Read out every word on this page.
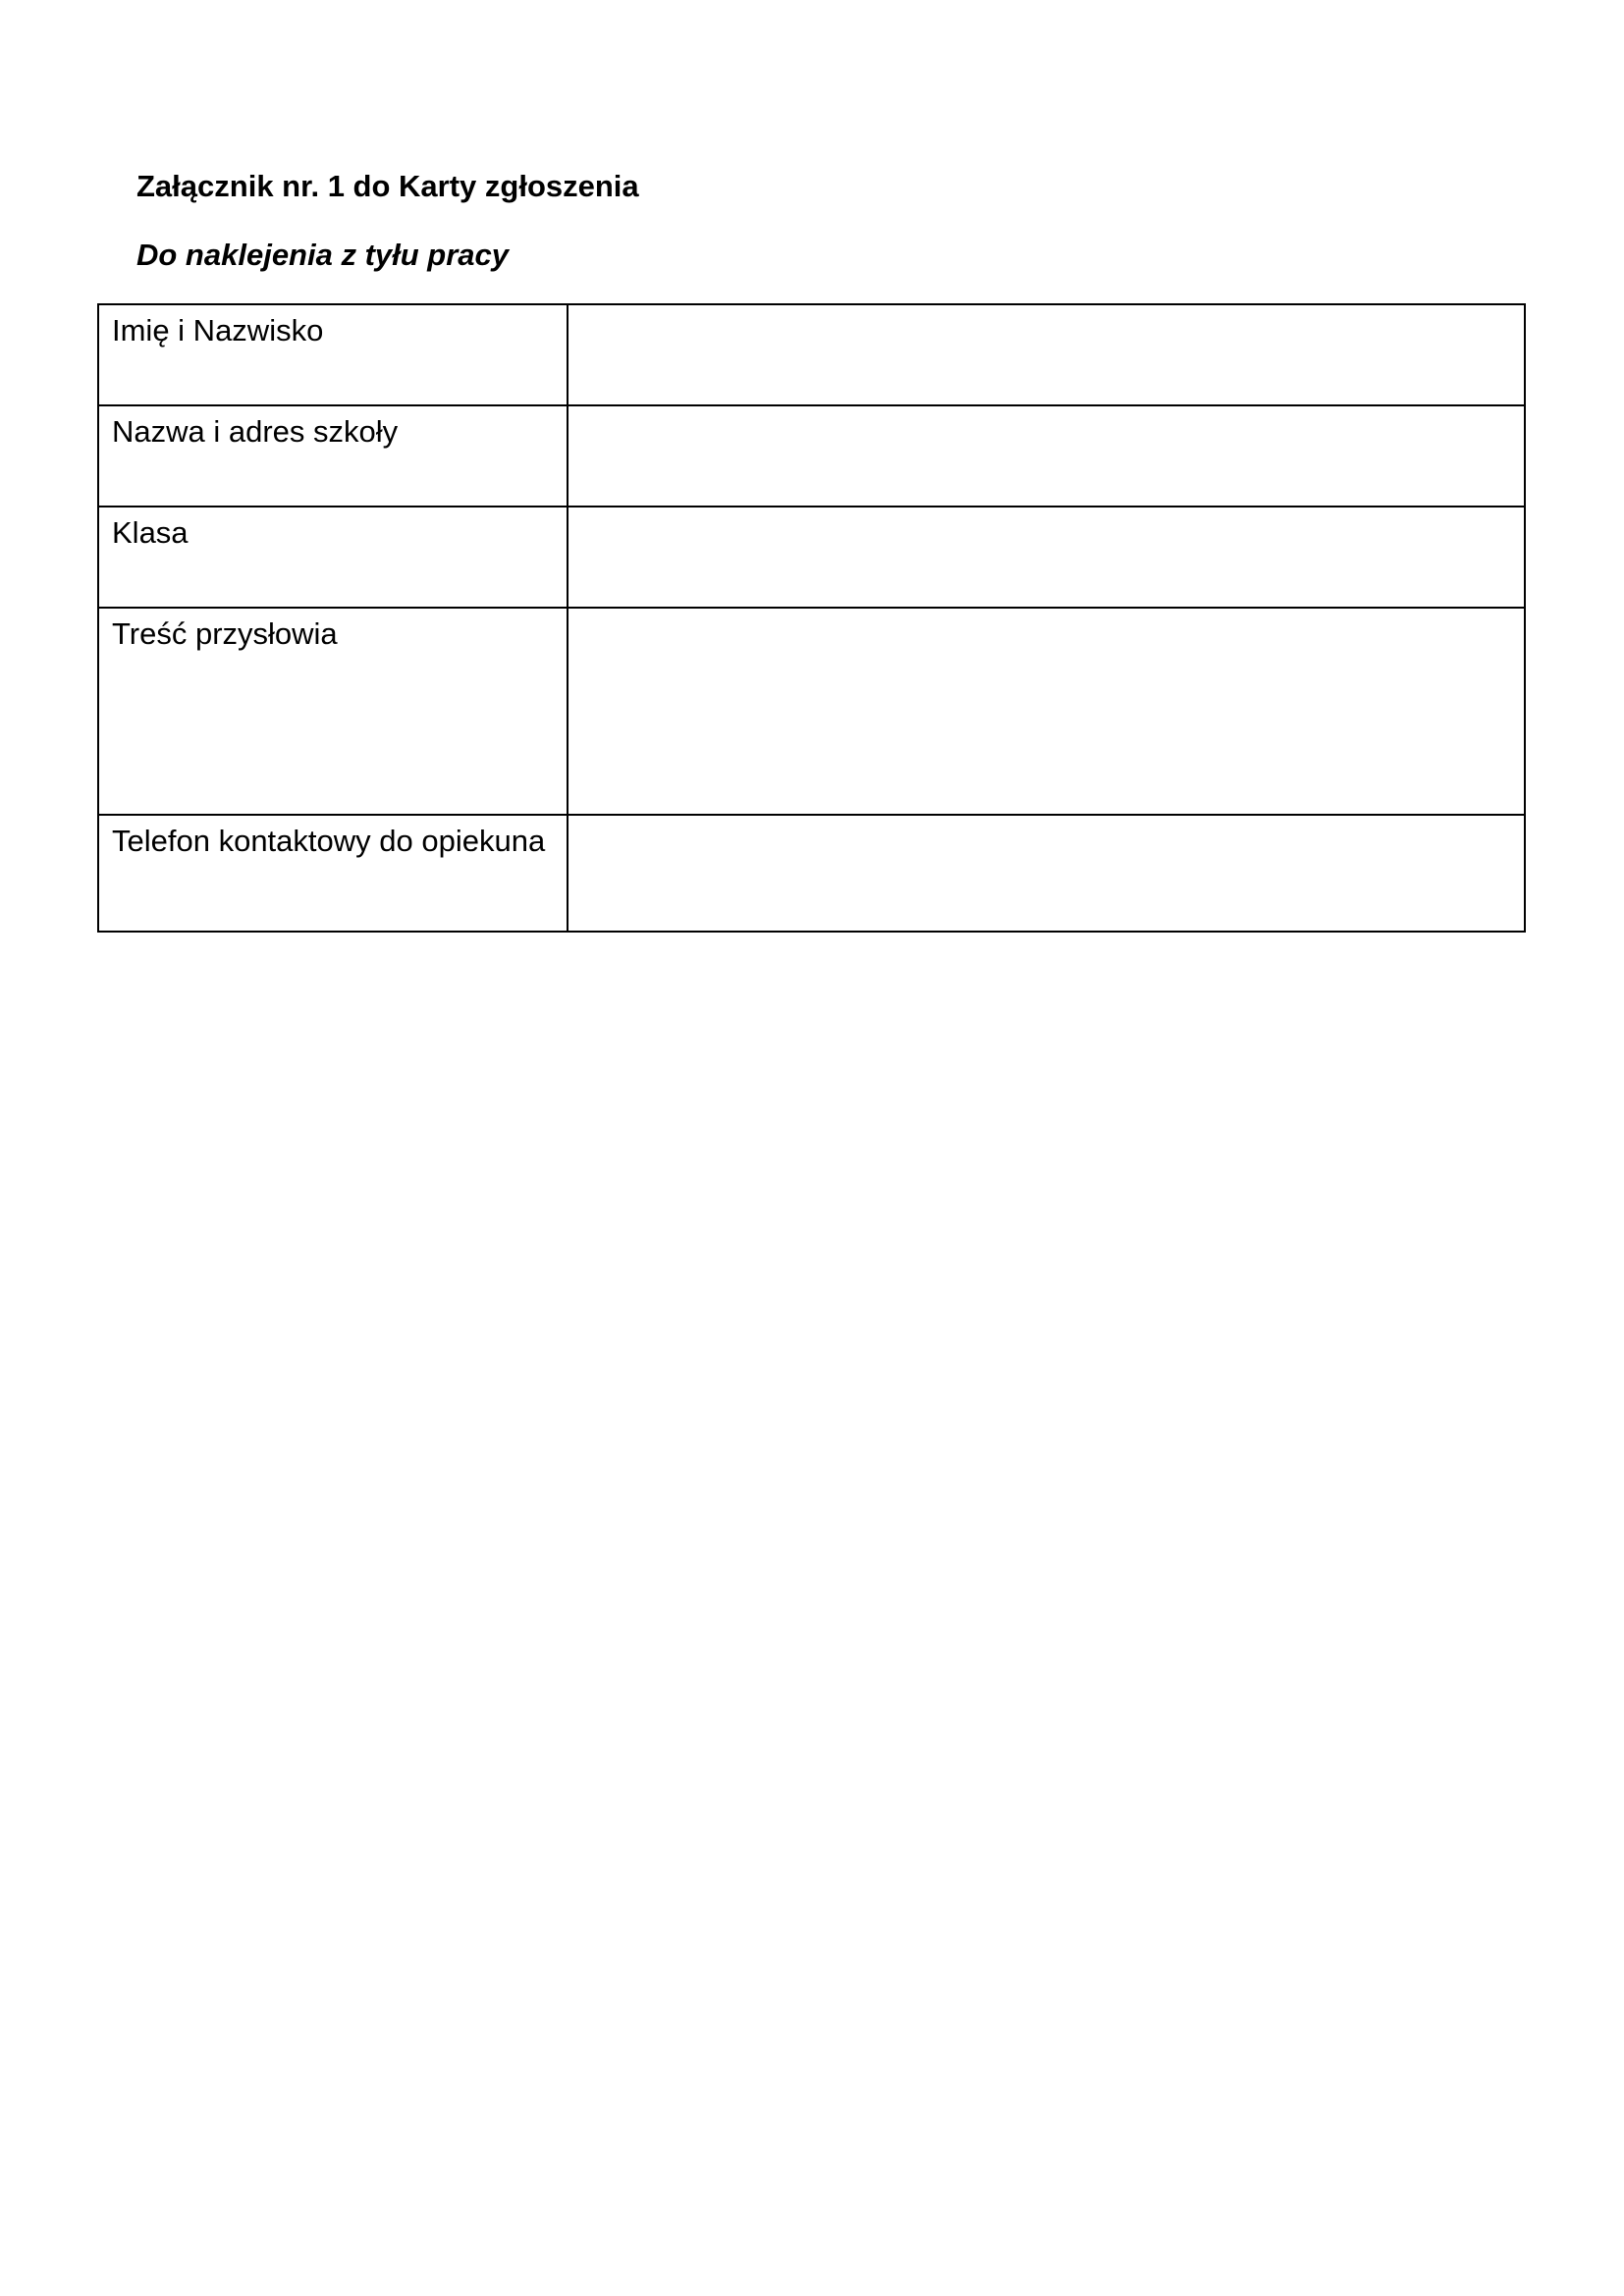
Załącznik nr. 1 do Karty zgłoszenia
Do naklejenia z tyłu pracy
Imię i Nazwisko	
Nazwa i adres szkoły	
Klasa	
Treść przysłowia	
Telefon kontaktowy do opiekuna	
